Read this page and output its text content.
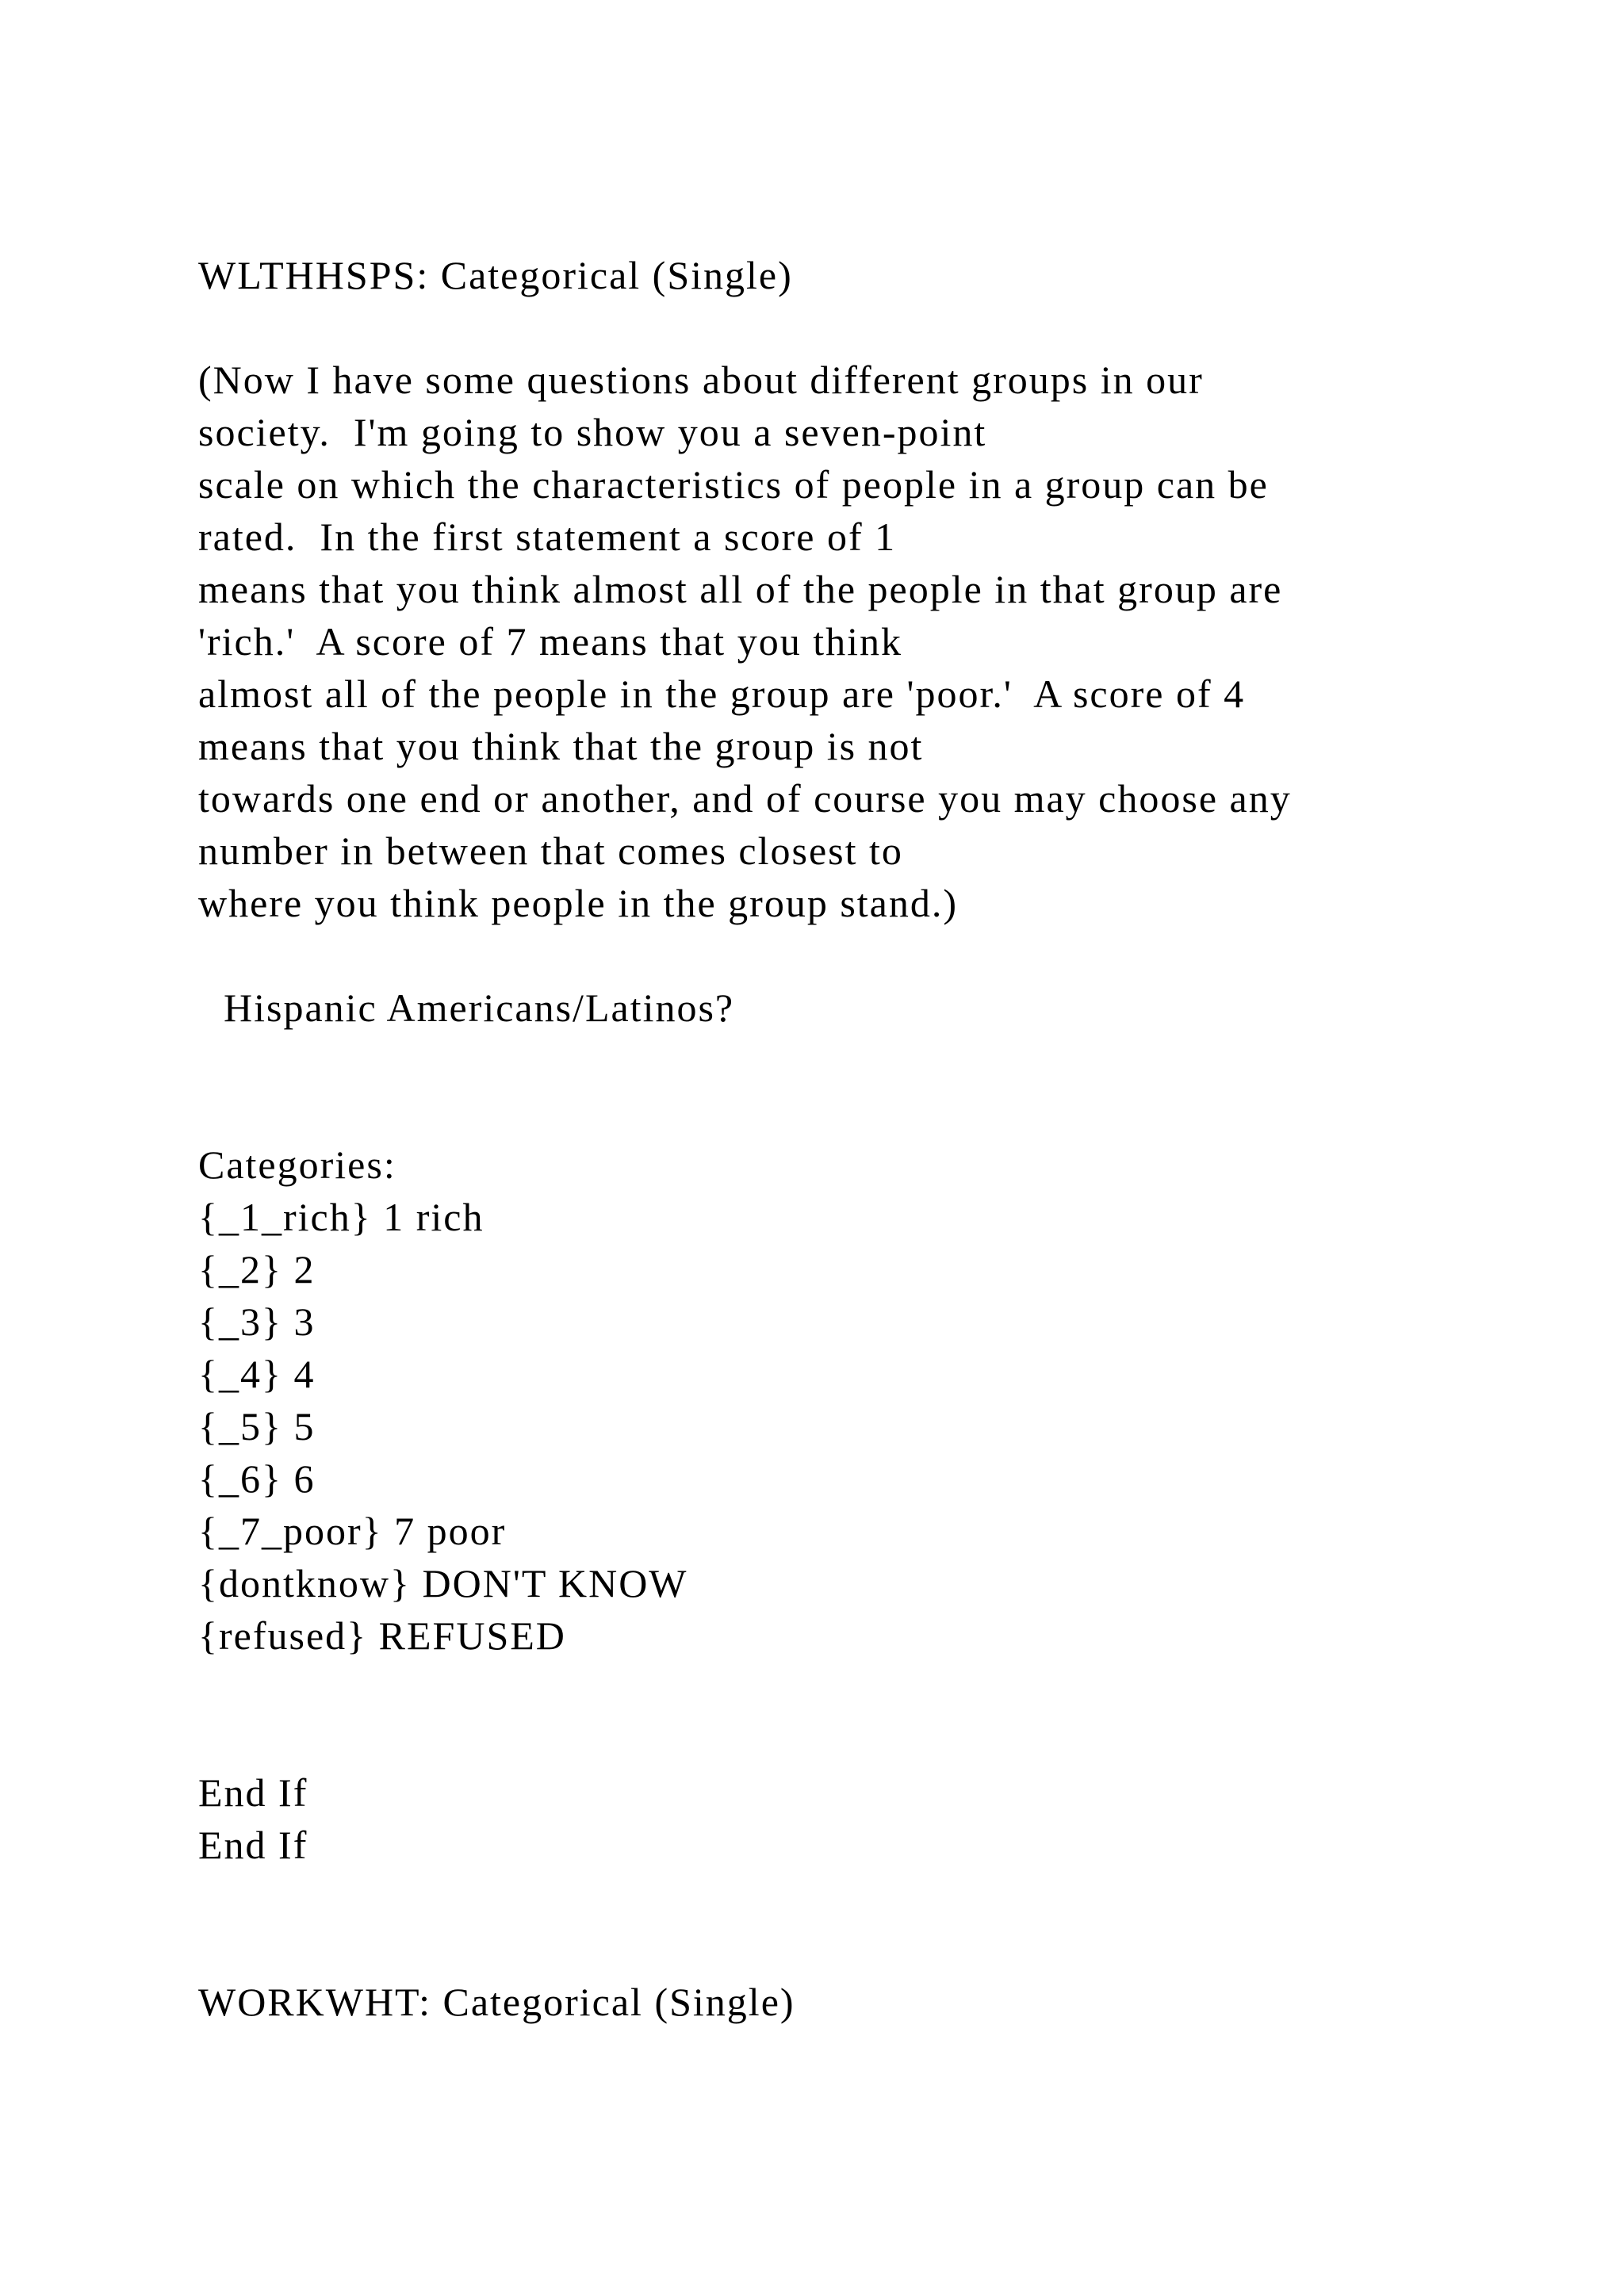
WLTHHSPS: Categorical (Single)
(Now I have some questions about different groups in our
society.  I'm going to show you a seven-point
scale on which the characteristics of people in a group can be
rated.  In the first statement a score of 1
means that you think almost all of the people in that group are
'rich.'  A score of 7 means that you think
almost all of the people in the group are 'poor.'  A score of 4
means that you think that the group is not
towards one end or another, and of course you may choose any
number in between that comes closest to
where you think people in the group stand.)
Hispanic Americans/Latinos?
Categories:
{_1_rich} 1 rich
{_2} 2
{_3} 3
{_4} 4
{_5} 5
{_6} 6
{_7_poor} 7 poor
{dontknow} DON'T KNOW
{refused} REFUSED
End If
End If
WORKWHT: Categorical (Single)
